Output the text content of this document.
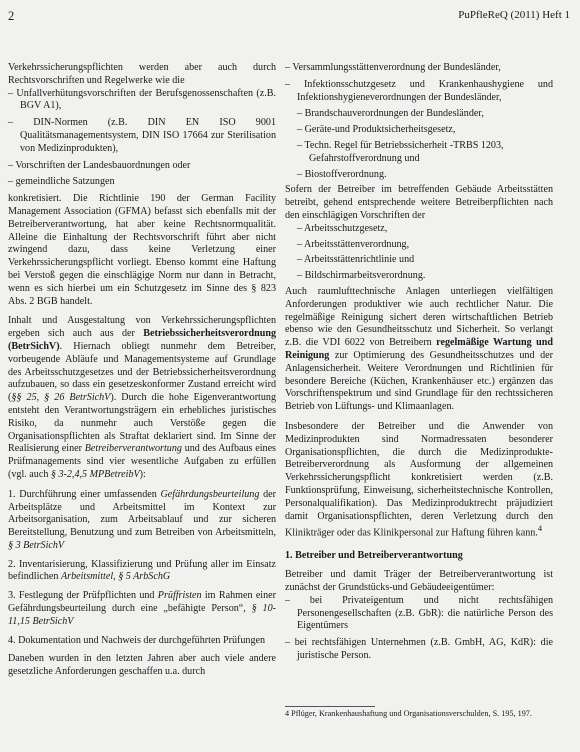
2	PuPfleReQ (2011) Heft 1

Verkehrssicherungspflichten werden aber auch durch Rechtsvorschriften und Regelwerke wie die

– Unfallverhütungsvorschriften der Berufsgenossenschaften (z.B. BGV A1),

– DIN-Normen (z.B. DIN EN ISO 9001 Qualitätsmanagementsystem, DIN ISO 17664 zur Sterilisation von Medizinprodukten),

– Vorschriften der Landesbauordnungen oder

– gemeindliche Satzungen

konkretisiert. Die Richtlinie 190 der German Facility Management Association (GFMA) befasst sich ebenfalls mit der Betreiberverantwortung, hat aber keine Rechtsnormqualität. Alleine die Einhaltung der Rechtsvorschrift führt aber nicht zwingend dazu, dass keine Verletzung einer Verkehrssicherungspflicht vorliegt. Ebenso kommt eine Haftung bei Verstoß gegen die einschlägige Norm nur dann in Betracht, wenn es sich hierbei um ein Schutzgesetz im Sinne des § 823 Abs. 2 BGB handelt.

Inhalt und Ausgestaltung von Verkehrssicherungspflichten ergeben sich auch aus der Betriebssicherheitsverordnung (BetrSichV). Hiernach obliegt nunmehr dem Betreiber, vorbeugende Abläufe und Managementsysteme auf Grundlage des Arbeitsschutzgesetzes und der Betriebssicherheitsverordnung aufzubauen, so dass ein gesetzeskonformer Zustand erreicht wird (§§ 25, § 26 BetrSichV). Durch die hohe Eigenverantwortung entsteht den Verantwortungsträgern ein erhebliches juristisches Risiko, da nunmehr auch Verstöße gegen die Organisationspflichten als Straftat deklariert sind. Im Sinne der Realisierung einer Betreiberverantwortung und des Aufbaus eines Prüfmanagements sind vier wesentliche Aufgaben zu erfüllen (vgl. auch § 3-2,4,5 MPBetreibV):

1. Durchführung einer umfassenden Gefährdungsbeurteilung der Arbeitsplätze und Arbeitsmittel im Kontext zur Arbeitsorganisation, zum Arbeitsablauf und zur sicheren Bereitstellung, Benutzung und zum Betreiben von Arbeitsmitteln, § 3 BetrSichV

2. Inventarisierung, Klassifizierung und Prüfung aller im Einsatz befindlichen Arbeitsmittel, § 5 ArbSchG

3. Festlegung der Prüfpflichten und Prüffristen im Rahmen einer Gefährdungsbeurteilung durch eine „befähigte Person“, § 10-11,15 BetrSichV

4. Dokumentation und Nachweis der durchgeführten Prüfungen

Daneben wurden in den letzten Jahren aber auch viele andere gesetzliche Anforderungen geschaffen u.a. durch

– Versammlungsstättenverordnung der Bundesländer,

– Infektionsschutzgesetz und Krankenhaushygiene und Infektionshygieneverordnungen der Bundesländer,

– Brandschauverordnungen der Bundesländer,

– Geräte-und Produktsicherheitsgesetz,

– Techn. Regel für Betriebssicherheit -TRBS 1203, Gefahrstoffverordnung und

– Biostoffverordnung.

Sofern der Betreiber im betreffenden Gebäude Arbeitsstätten betreibt, gehend entsprechende weitere Betreiberpflichten nach den einschlägigen Vorschriften der

– Arbeitsschutzgesetz,

– Arbeitsstättenverordnung,

– Arbeitsstättenrichtlinie und

– Bildschirmarbeitsverordnung.

Auch raumlufttechnische Anlagen unterliegen vielfältigen Anforderungen produktiver wie auch rechtlicher Natur. Die regelmäßige Reinigung sichert deren wirtschaftlichen Betrieb ebenso wie den Gesundheitsschutz und Sicherheit. So verlangt z.B. die VDI 6022 von Betreibern regelmäßige Wartung und Reinigung zur Optimierung des Gesundheitsschutzes und der Anlagensicherheit. Weitere Verordnungen und Richtlinien für besondere Bereiche (Küchen, Krankenhäuser etc.) ergänzen das Vorschriftenspektrum und sind Grundlage für den rechtssicheren Betrieb von Lüftungs- und Klimaanlagen.

Insbesondere der Betreiber und die Anwender von Medizinprodukten sind Normadressaten besonderer Organisationspflichten, die durch die Medizinprodukte-Betreiberverordnung als Ausformung der allgemeinen Verkehrssicherungspflicht konkretisiert werden (z.B. Funktionsprüfung, Einweisung, sicherheitstechnische Kontrollen, Personalqualifikation). Das Medizinproduktrecht präjudiziert damit Organisationspflichten, deren Verletzung durch den Klinikträger oder das Klinikpersonal zur Haftung führen kann.$^4$

1. Betreiber und Betreiberverantwortung

Betreiber und damit Träger der Betreiberverantwortung ist zunächst der Grundstücks-und Gebäudeeigentümer:

– bei Privateigentum und nicht rechtsfähigen Personengesellschaften (z.B. GbR): die natürliche Person des Eigentümers

– bei rechtsfähigen Unternehmen (z.B. GmbH, AG, KdR): die juristische Person.

4 Pflüger, Krankenhaushaftung und Organisationsverschulden, S. 195, 197.
